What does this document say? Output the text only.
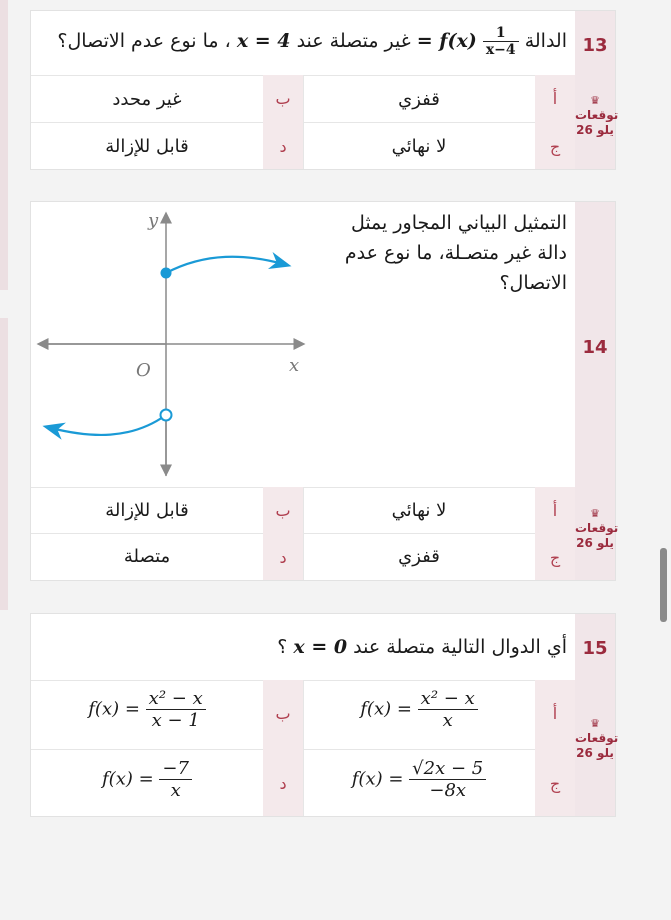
13
الدالة
$\frac{1}{x-4}$
f(x) = غير متصلة عند x = 4 ، ما نوع عدم الاتصال؟
♛
توقعات يلو 26
أ
قفزي
ب
غير محدد
ج
لا نهائي
د
قابل للإزالة
14
التمثيل البياني المجاور يمثل دالة غير متصـلة، ما نوع عدم الاتصال؟
y
x
O
♛
توقعات يلو 26
أ
لا نهائي
ب
قابل للإزالة
ج
قفزي
د
متصلة
15
أي الدوال التالية متصلة عند x = 0 ؟
♛
توقعات يلو 26
أ
$f(x) = \frac{\text{x² − x}}{x}$
ب
$f(x) = \frac{\text{x² − x}}{x - 1}$
ج
$f(x) = \frac{√2x - 5}{-8x}$
د
$f(x) = \frac{-7}{x}$
